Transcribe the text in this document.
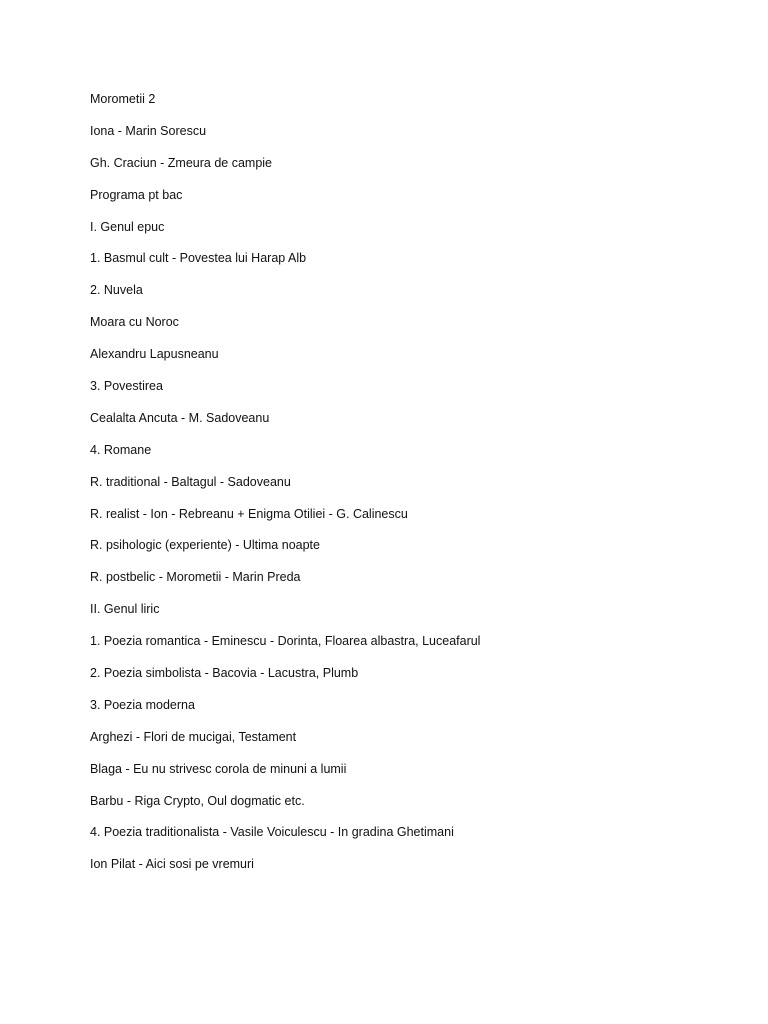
Morometii 2
Iona - Marin Sorescu
Gh. Craciun - Zmeura de campie
Programa pt bac
I. Genul epuc
1. Basmul cult - Povestea lui Harap Alb
2. Nuvela
Moara cu Noroc
Alexandru Lapusneanu
3. Povestirea
Cealalta Ancuta - M. Sadoveanu
4. Romane
R. traditional - Baltagul - Sadoveanu
R. realist - Ion - Rebreanu + Enigma Otiliei - G. Calinescu
R. psihologic (experiente) - Ultima noapte
R. postbelic - Morometii - Marin Preda
II. Genul liric
1. Poezia romantica - Eminescu - Dorinta, Floarea albastra, Luceafarul
2. Poezia simbolista - Bacovia - Lacustra, Plumb
3. Poezia moderna
Arghezi - Flori de mucigai, Testament
Blaga - Eu nu strivesc corola de minuni a lumii
Barbu - Riga Crypto, Oul dogmatic etc.
4. Poezia traditionalista - Vasile Voiculescu - In gradina Ghetimani
Ion Pilat - Aici sosi pe vremuri
